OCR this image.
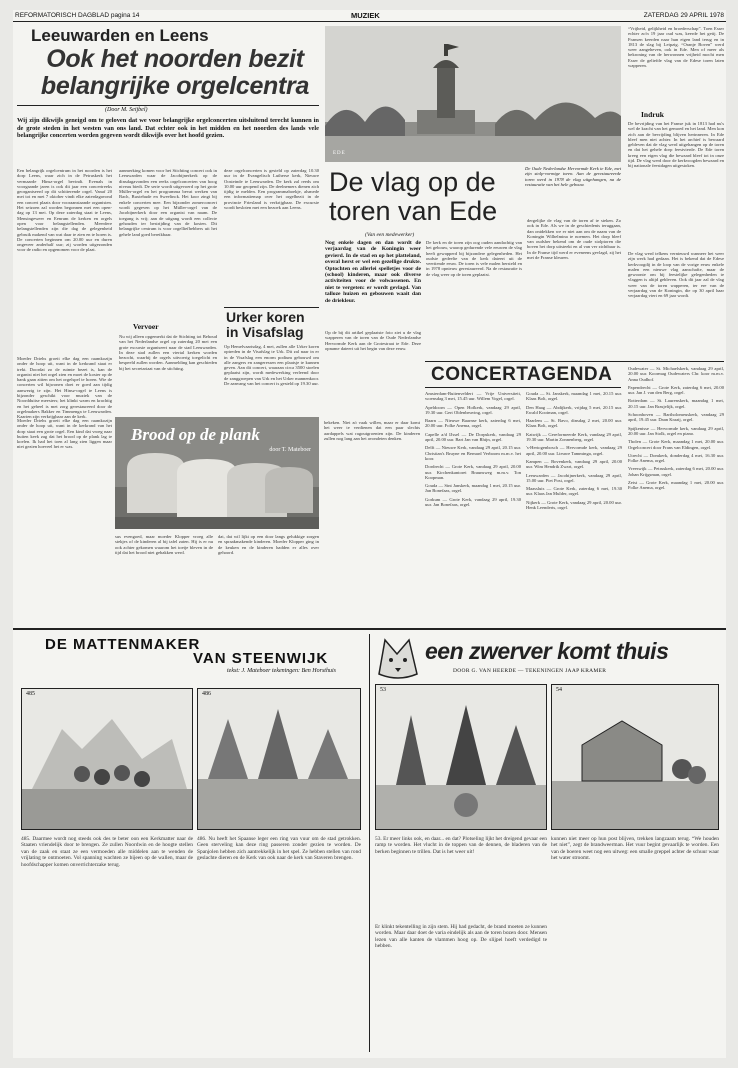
REFORMATORISCH DAGBLAD pagina 14	MUZIEK	ZATERDAG 29 APRIL 1978
Leeuwarden en Leens
Ook het noorden bezit belangrijke orgelcentra
(Door M. Seijbel)
Wij zijn dikwijls geneigd om te geloven dat we voor belangrijke orgelconcerten uitsluitend terecht kunnen in de grote steden in het westen van ons land. Dat echter ook in het midden en het noorden des lands vele belangrijke concerten worden gegeven wordt dikwijls over het hoofd gezien.
Een belangrijk orgelcentrum in het noorden is het dorp Leens, waar zich in de Petruskerk het vermaarde Hinsz-orgel bevindt. Evenals in voorgaande jaren is ook dit jaar een concertreeks georganiseerd op dit schitterende orgel. Vanaf 20 mei tot en met 7 oktober vindt elke zaterdagavond een concert plaats door vooraanstaande organisten. Het seizoen zal worden begonnen met een open-dag op 13 mei. Op deze zaterdag staat te Leens, Mensingeweer en Eenrum de kerken en orgels open voor belangstellenden. Meerdere belangstellenden zijn die dag de gelegenheid gebruik makend van wat daar te zien en te horen is. De concerten beginnen om 20.00 uur en duren ongeveer anderhalf uur; zij worden uitgezonden voor de radio en opgenomen voor de plaat.
Moeder Driehs groeit elke dag een raamkozijn onder de hoop uit, want in de kerkrand staat er trekt. Doordat zo de ruimte bezet is, kan de organist niet het orgel zien en moet de koster op de bank gaan zitten om het orgelspel te horen. Wie de concerten wil bijwonen doet er goed aan tijdig aanwezig te zijn. Het Hinsz-orgel te Leens is bijzonder geschikt voor muziek van de Noordduitse meesters; het klinkt warm en krachtig en het geheel is met zorg gerestaureerd door de orgelmakers Bakker en Timmenga te Leeuwarden. Kaarten zijn verkrijgbaar aan de kerk.
aanmerking komen voor het Stichting concert ook in Leeuwarden waar de Jacobijnerkerk op de dinsdagavonden een reeks orgelconcerten van hoog niveau biedt. De serie wordt uitgevoerd op het grote Müller-orgel en het programma bevat werken van Bach, Buxtehude en Sweelinck. Het koor zingt bij enkele concerten mee. Een bijzonder zomerconcert wordt gegeven op het Müller-orgel van de Jacobijnerkerk door een organist van naam. De toegang is vrij; aan de uitgang wordt een collecte gehouden ter bestrijding van de kosten. Dit belangrijke centrum is voor orgelliefhebbers uit het gehele land goed bereikbaar.
Vervoer
Nu wij alleen opgemerkt dat de Stichting tot Behoud van het Nederlandse orgel op zaterdag 20 mei een grote excursie organiseert naar de stad Leeuwarden. In deze stad zullen een viertal kerken worden bezocht, waarbij de orgels uitvoerig toegelicht en bespeeld zullen worden. Aanmelding kan geschieden bij het secretariaat van de stichting.
deze orgelconcerten is gesteld op zaterdag 10.30 uur in de Evangelisch Lutherse kerk, Nieuwe Oosteinde te Leeuwarden. De kerk zal reeds om 10.00 uur geopend zijn. De deelnemers dienen zich tijdig te melden. Een programmaboekje, alsmede een informatiemap over het orgelbezit in de provincie Friesland is verkrijgbaar. De excursie wordt besloten met een bezoek aan Leens.
Urker koren in Visafslag
Op Hemelvaartsdag, 4 mei, zullen alle Urker koren optreden in de Visafslag te Urk. Dit zal naar in er in de Visafslag een enorm podium gebouwd om alle zangers en zangeressen een plaatsje te kunnen geven. Aan dit concert, waaraan circa 3500 stoelen geplaatst zijn, wordt medewerking verleend door de zanggroepen van Urk en het Urker mannenkoor. De aanvang van het concert is gesteld op 19.30 uur.
Brood op de plank
door T. Mateboer
Moeder Driehs groeit elke dag een raamkozijn onder de hoop uit, want in de kerkrand van het dorp staat een grote orgel. Een kind dat vroeg naar buiten keek zag dat het brood op de plank lag te koelen. Ik had het toen al lang zien liggen maar niet gezien hoeveel het er was.
sus evengoed, maar moeder Klopper vroeg alle stekjes of de kinderen al bij tafel zaten. Hij is er nu ook achter gekomen waarom het toetje bleven in de tijd dat het brood niet gebakken werd.
dat, dat wil lijkt op een door langs gelukkige zorgen en spraakmakende kinderen. Moeder Klopper ging in de keuken en de kinderen hadden er alles over gehoord.
bekeken. Niet zó vaak willen, maar er daar komt het weer te verdienen dat een paar slechts aardappels wat ragoutgroenten zijn. De kinderen zullen nog lang aan het avondeten denken.
EDE
De Oude Nederlandse Hervormde Kerk te Ede, met zijn stolp-vormige toren. Aan de gerestaureerde toren werd in 1978 de vlag uitgehangen, na de restauratie van het hele gebouw.
De vlag op de toren van Ede
(Van een medewerker)
Nog enkele dagen en dan wordt de verjaardag van de Koningin weer gevierd. In de stad en op het platteland, overal herst er wel een gezellige drukte. Optochten en allerlei spelletjes voor de (school) kinderen, maar ook diverse activiteiten voor de volwassenen. En niet te vergeten: er wordt gevlagd. Van talloze huizen en gebouwen waait dan de driekleur.
Op de bij dit artikel geplaatste foto ziet u de vlag wapperen van de toren van de Oude Nederlandse Hervormde Kerk aan de Grotestraat te Ede. Deze opname dateert uit het begin van deze eeuw.
De kerk en de toren zijn oog ouden aandachtig van het gebouw, waarop gedurende vele eeuwen de vlag heeft gewapperd bij bijzondere gelegenheden. Het oudste gedeelte van de kerk dateert uit de veertiende eeuw. De toren is vele malen hersteld en in 1978 opnieuw gerestaureerd. Na de restauratie is de vlag weer op de toren geplaatst.
dergelijke de vlag van de toren af te steken. Zo ook in Ede. Als we in de geschiedenis teruggaan, dan ontdekken we er niet aan om de naam van de Koningin Wilhelmina te noemen. Het dorp bleef van oudsher bekend om de oude stolptoren die boven het dorp uitsteekt en al van ver zichtbaar is. In de Franse tijd werd er eveneens gevlagd, zij het met de Franse kleuren.
“Vrijheid, gelijkheid en broederschap”. Toen Esser echter zo'n 19 jaar oud was, keerde het getij. De Fransen keerden naar hun eigen land terug en in 1813 de slag bij Leipzig. “Oranje Boven” werd weer aangeheven, ook in Ede. Men of meer als bekroning van de herwonnen vrijheid mocht men Esser de geliefde vlag van de Edese toren laten wapperen.
Indruk
De bevrijding van het Franse juk in 1813 had nu's wel de kracht van het gemoed en het land. Men kon zich aan de bevrijding blijven herinneren. In Ede bleef men niet achter. In het archief is bewaard gebleven dat de vlag werd uitgehangen op de toren en dat het gehele dorp feestvierde. De Ede toren kreeg een eigen vlag die bewaard bleef tot in onze tijd. De vlag werd door de kerkvoogden bewaard en bij nationale feestdagen uitgestoken.
De vlag werd telkens vernieuwd wanneer het weer zijn werk had gedaan. Het is bekend dat de Edese kerkvoogdij in de loop van de vorige eeuw enkele malen een nieuwe vlag aanschafte, maar de gewoonte om bij feestelijke gelegenheden te vlaggen is altijd gebleven. Ook dit jaar zal de vlag weer van de toren wapperen, ter ere van de verjaardag van de Koningin, die op 30 april haar verjaardag viert en 69 jaar wordt.
CONCERTAGENDA
Amsterdam-Buitenveldert — Vrije Universiteit, woensdag 3 mei, 15.45 uur. Willem Vogel, orgel.
Apeldoorn — Open Hofkerk, vandaag 29 april, 19.30 uur. Gert Oldenbeuving, orgel.
Baarn — Nieuwe Baarnse kerk, zaterdag 6 mei, 20.00 uur. Folke Anema, orgel.
Capelle a/d IJssel — De Dorpskerk, vandaag 29 april, 20.00 uur. Bart Jan van Rhijn, orgel.
Delft — Nieuwe Kerk, vandaag 29 april, 20.15 uur. Christian's Bruyne en Bernard Verboom m.m.v. het koor.
Dordrecht — Grote Kerk, vandaag 29 april, 20.00 uur. Kirchenkantorei Braunsweg m.m.v. Ton Koopman.
Gouda — Sint Janskerk, maandag 1 mei, 20.15 uur. Jan Bonefaas, orgel.
Gorkum — Grote Kerk, vandaag 29 april, 19.30 uur. Jan Bonefaas, orgel.
Gouda — St. Janskerk, maandag 1 mei, 20.15 uur. Klaas Bolt, orgel.
Den Haag — Abdijkerk, vrijdag 5 mei, 20.15 uur. Ewald Kooiman, orgel.
Haarlem — St. Bavo, dinsdag 2 mei, 20.00 uur. Klaas Bolt, orgel.
Katwijk — Gereformeerde Kerk, vandaag 29 april, 19.30 uur. Martin Zonnenberg, orgel.
's-Hertogenbosch — Hervormde kerk, vandaag 29 april, 20.00 uur. Lieuwe Tamminga, orgel.
Kampen — Bovenkerk, vandaag 29 april, 20.00 uur. Wim Hendrik Zwart, orgel.
Leeuwarden — Jacobijnerkerk, vandaag 29 april, 15.00 uur. Piet Post, orgel.
Maassluis — Grote Kerk, zaterdag 6 mei, 19.30 uur. Klaas Jan Mulder, orgel.
Nijkerk — Grote Kerk, vandaag 29 april, 20.00 uur. Henk Leenderts, orgel.
Oudewater — St. Michaelskerk, vandaag 29 april, 20.00 uur. Koormag Oudewaters Chr. koor m.m.v. Anna Oudhof.
Papendrecht — Grote Kerk, zaterdag 6 mei, 20.00 uur. Jan J. van den Berg, orgel.
Rotterdam — St. Laurenskerk, maandag 1 mei, 20.15 uur. Jan Brasjelijk, orgel.
Schoonhoven — Bartholomeuskerk, vandaag 29 april, 19.45 uur. Daan Kraaij, orgel.
Spijkenisse — Hervormde kerk, vandaag 29 april, 20.00 uur. Jan Stolk, orgel en piano.
Tholen — Grote Kerk, maandag 1 mei, 20.00 uur. Orgelconcert door Frans van Eldingen, orgel.
Utrecht — Domkerk, donderdag 4 mei, 16.30 uur. Folke Anema, orgel.
Vreeswijk — Petruskerk, zaterdag 6 mei, 20.00 uur. Johan Krijgsman, orgel.
Zeist — Grote Kerk, maandag 1 mei, 20.00 uur. Folke Anema, orgel.
DE MATTENMAKER
VAN STEENWIJK
tekst: J. Mateboer tekeningen: Ben Horsthuis
485	486
485. Daarmee wordt nog steeds ook des te beter oon een Kerkmatter naar de Staaten vriendelijk door te brengen. Ze zullen Noordwin en de hoogte stellen van de zaak en staat ze een vermoeden alle middelen aan te wenden de vrijlating te ontmoeten. Vol spanning wachten ze bijeen op de wallen, maar de hoofdschapper komen onverrichterzake terug.
486. Nu heeft het Spaanse leger een ring van vuur om de stad getrokken. Geen sterveling kan deze ring passeren zonder gezien te worden. De Spanjolen hebben zich aantrekkelijk in het spel. Ze hebben stellen van rond geslachte dieren en de Kerk van ook naar de kerk van Staveren brengen.
een zwerver komt thuis
DOOR G. VAN HEERDE — TEKENINGEN JAAP KRAMER
53	54
53. Er meer links ook, en daar... en dat? Plotseling lijkt het dreigend gevaar een ramp te worden. Het vlucht in de toppen van de dennen, de bladeren van de berken beginnen te trillen. Dat is het weer uit!
Er klinkt tekentelling in zijn stem. Hij had gedacht, de brand moeten ze kunnen worden. Maar daar doet de varia eindelijk als aan de toren bozen door. Mensen lezen van alle kanten de vlammen hoog op. De slijpel hoeft verdedigd te hebben.
kunnen niet meer op hun post blijven, trekken langzaam terug. “We houden het niet”, zegt de brandweerman. Het vuur begint gevaarlijk te worden. Een van de boeren weet nog een uitweg: een smalle greppel achter de schuur waar het water stroomt.
